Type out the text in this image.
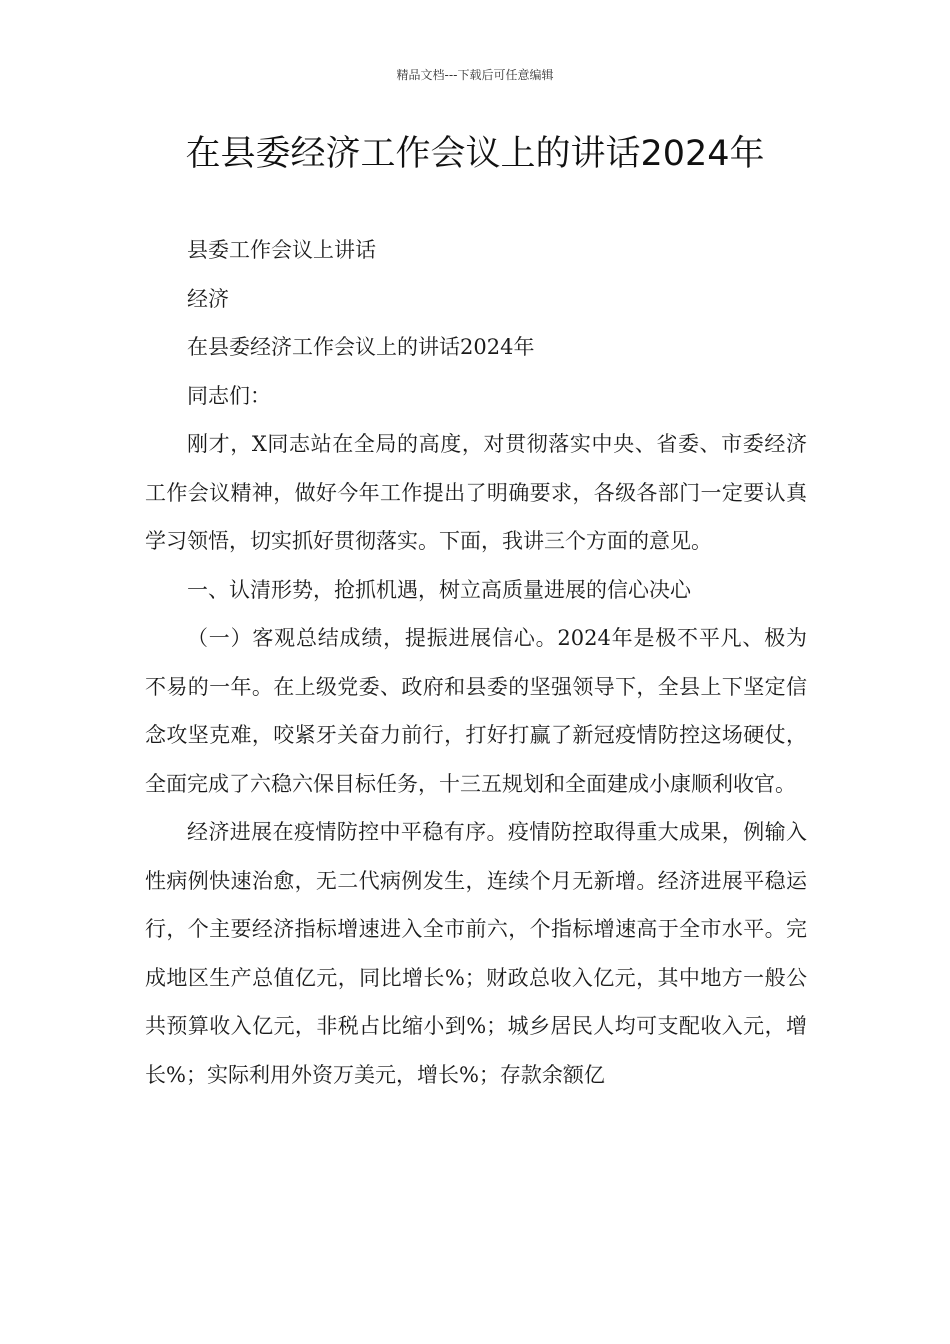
精品文档---下载后可任意编辑
在县委经济工作会议上的讲话2024年

县委工作会议上讲话

经济

在县委经济工作会议上的讲话2024年

同志们：

刚才，X同志站在全局的高度，对贯彻落实中央、省委、市委经济工作会议精神，做好今年工作提出了明确要求，各级各部门一定要认真学习领悟，切实抓好贯彻落实。下面，我讲三个方面的意见。

一、认清形势，抢抓机遇，树立高质量进展的信心决心

（一）客观总结成绩，提振进展信心。2024年是极不平凡、极为不易的一年。在上级党委、政府和县委的坚强领导下，全县上下坚定信念攻坚克难，咬紧牙关奋力前行，打好打赢了新冠疫情防控这场硬仗，全面完成了六稳六保目标任务，十三五规划和全面建成小康顺利收官。

经济进展在疫情防控中平稳有序。疫情防控取得重大成果，例输入性病例快速治愈，无二代病例发生，连续个月无新增。经济进展平稳运行，个主要经济指标增速进入全市前六，个指标增速高于全市水平。完成地区生产总值亿元，同比增长%；财政总收入亿元，其中地方一般公共预算收入亿元，非税占比缩小到%；城乡居民人均可支配收入元，增长%；实际利用外资万美元，增长%；存款余额亿
